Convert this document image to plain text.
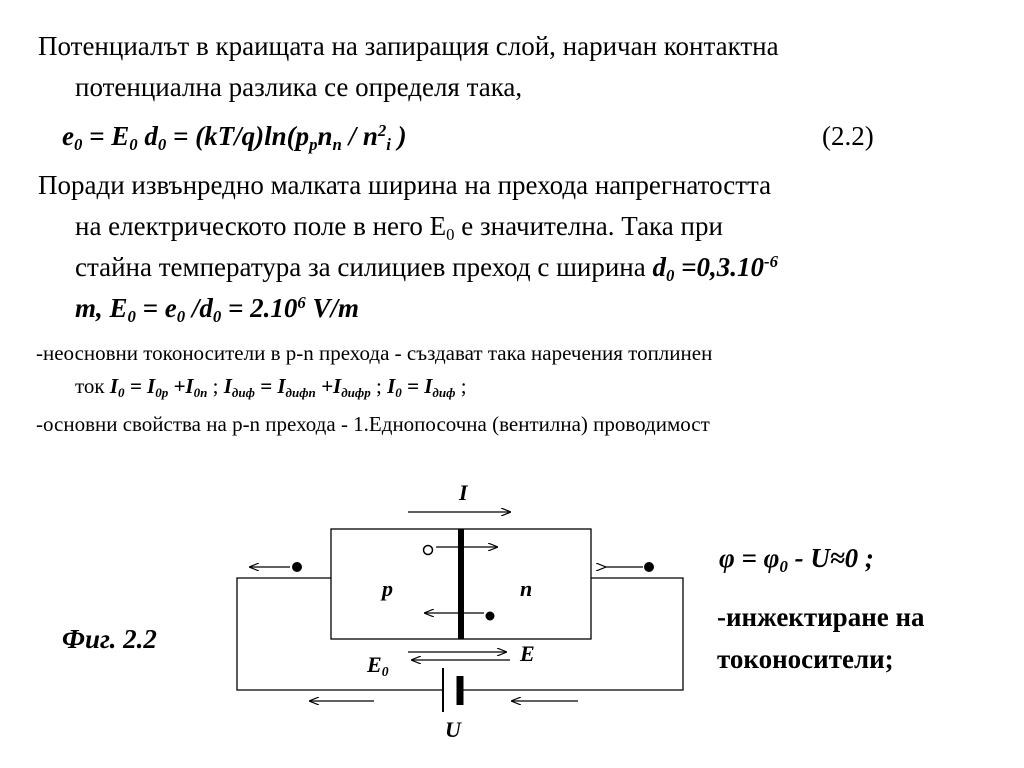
Потенциалът в краищата на запиращия слой, наричан контактна
потенциална разлика се определя така,
$e_0 = E_0$ $d_0 = (kT/q)\ln(p_pn_n / n^2_i$ )	(2.2)
Поради извънредно малката ширина на прехода напрегнатостта
на електрическото поле в него $E_0$ е значителна. Така при
стайна температура за силициев преход с ширина $d_0 =0,3.10^{-6}$
m, $E_0 = e_0$ $/d_0 = 2.10^6$ V/m
-неосновни токоносители в p-n прехода - създават така наречения топлинен
ток $I_0 = I_{0p} +I_{0n}$ ; $I_{диф} = I_{дифn} +I_{дифp}$ ; $I_0 = I_{диф}$ ;
-основни свойства на p-n прехода - 1.Еднопосочна (вентилна) проводимост
I
p	n
$E_0$
E
U
Фиг. 2.2
$\varphi = \varphi_0 - U\approx 0$ ;
-инжектиране на
токоносители;
